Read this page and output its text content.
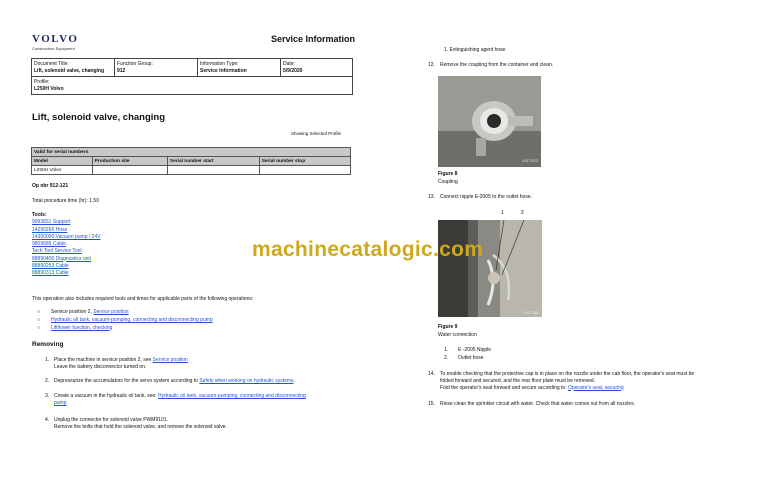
VOLVO
Construction Equipment
Service Information
Document Title:
Lift, solenoid valve, changing

Function Group:
912

Information Type:
Service Information

Date:
5/9/2020

Profile:
L250H Volvo
Lift, solenoid valve, changing
Showing Selected Profile
Valid for serial numbers			
Model	Production site	Serial number start	Serial number stop
L250H Volvo			
Op nbr 912-121
Total procedure time (hr): 1.50
Tools:
9993831 Support
14290266 Hose
14360000 Vacuum pump / 24V
9809685 Cable
Tech Tool Service Tool
88890400 Diagnostics unit
88890253 Cable
88890313 Cable
This operation also includes required tools and times for applicable parts of the following operations:
○ Service position 2, Service position
○ Hydraulic oil tank, vacuum-pumping, connecting and disconnecting pump
○ Lift/lower function, checking
Removing
1. Place the machine in service position 2, see Service position
Leave the battery disconnector turned on.
2. Depressurize the accumulators for the servo system according to Safety when working on hydraulic systems.
3. Create a vacuum in the hydraulic oil tank, see: Hydraulic oil tank, vacuum-pumping, connecting and disconnecting
pump
4. Unplug the connector for solenoid valve PWM9101.
Remove the bolts that hold the solenoid valve, and remove the solenoid valve.
1. Extinguishing agent hose
12. Remove the coupling from the container and clean.
V1077473
Figure 8
Coupling
13. Connect nipple E-2005 to the outlet hose.
1	2
V1077480
Figure 9
Water connection
1. E -2005 Nipple
2. Outlet hose
14. To enable checking that the protective cap is in place on the nozzle under the cab floor, the operator's seat must be
folded forward and secured, and the rear floor plate must be removed.
Fold the operator's seat forward and secure according to: Operator's seat, securing
15. Rinse clean the sprinkler circuit with water. Check that water comes out from all nozzles.
machinecatalogic.com
